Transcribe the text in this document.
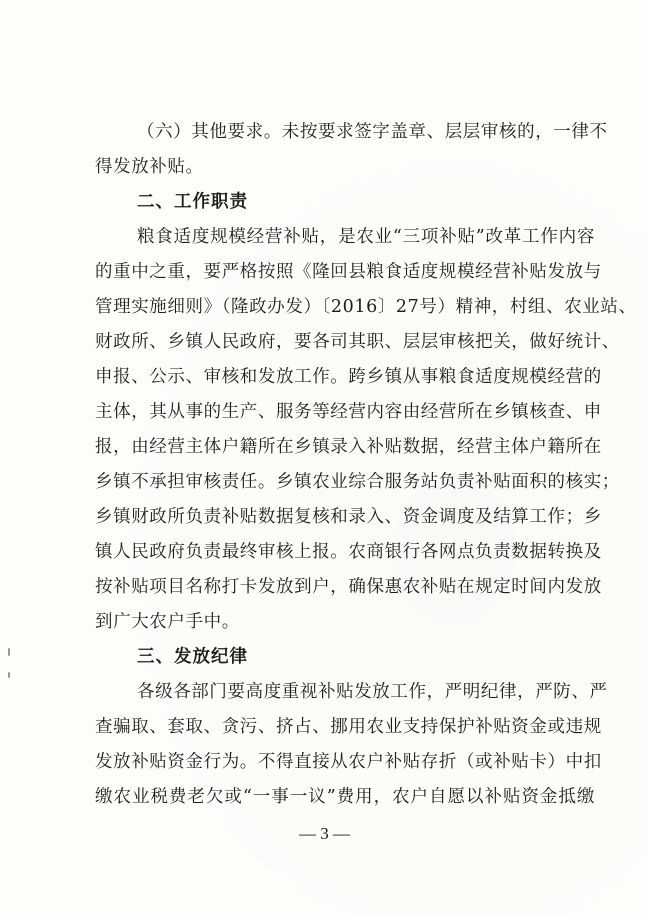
（六）其他要求。未按要求签字盖章、层层审核的，一律不
得发放补贴。
二、工作职责
粮食适度规模经营补贴，是农业“三项补贴”改革工作内容
的重中之重，要严格按照《隆回县粮食适度规模经营补贴发放与
管理实施细则》（隆政办发）〔2016〕27号）精神，村组、农业站、
财政所、乡镇人民政府，要各司其职、层层审核把关，做好统计、
申报、公示、审核和发放工作。跨乡镇从事粮食适度规模经营的
主体，其从事的生产、服务等经营内容由经营所在乡镇核查、申
报，由经营主体户籍所在乡镇录入补贴数据，经营主体户籍所在
乡镇不承担审核责任。乡镇农业综合服务站负责补贴面积的核实；
乡镇财政所负责补贴数据复核和录入、资金调度及结算工作；乡
镇人民政府负责最终审核上报。农商银行各网点负责数据转换及
按补贴项目名称打卡发放到户，确保惠农补贴在规定时间内发放
到广大农户手中。
三、发放纪律
各级各部门要高度重视补贴发放工作，严明纪律，严防、严
查骗取、套取、贪污、挤占、挪用农业支持保护补贴资金或违规
发放补贴资金行为。不得直接从农户补贴存折（或补贴卡）中扣
缴农业税费老欠或“一事一议”费用，农户自愿以补贴资金抵缴
— 3 —
